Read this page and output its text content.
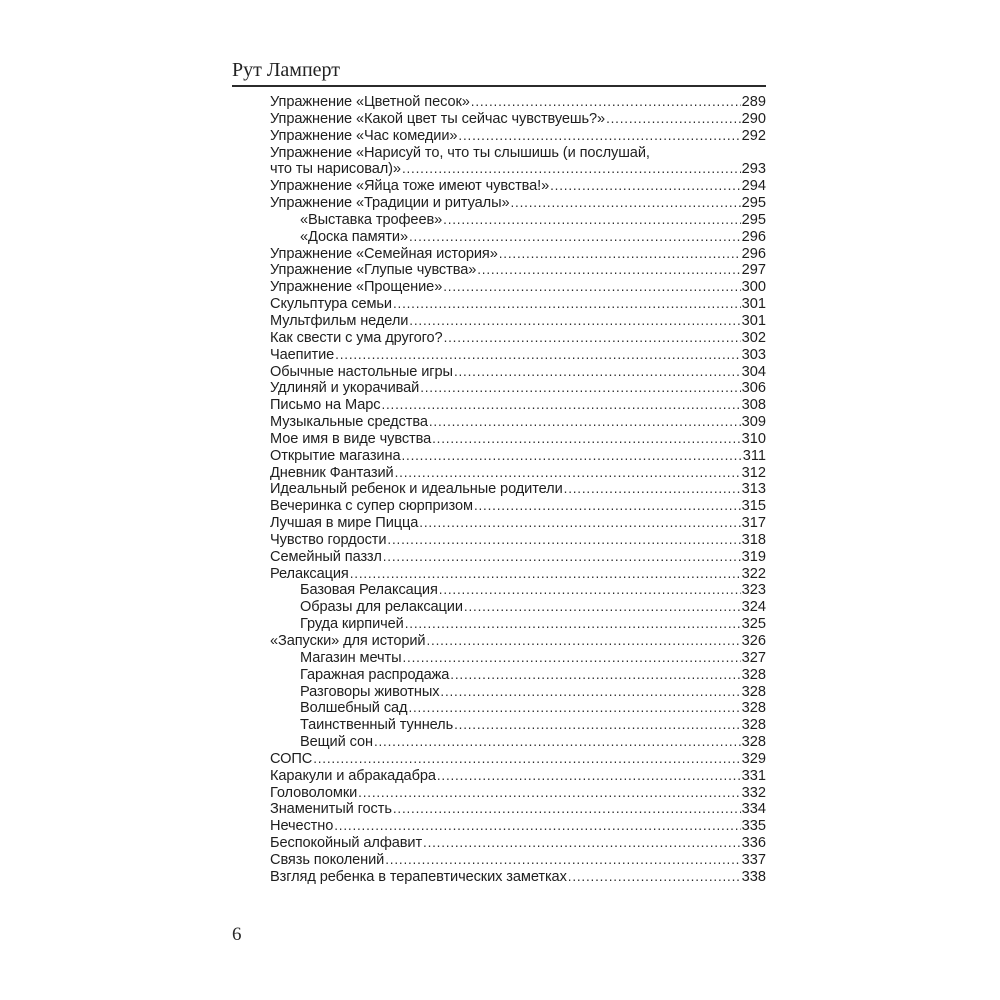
Рут Ламперт
Упражнение «Цветной песок» .....	289
Упражнение «Какой цвет ты сейчас чувствуешь?» .....	290
Упражнение «Час комедии» .....	292
Упражнение «Нарисуй то, что ты слышишь (и послушай,
что ты нарисовал)» .....	293
Упражнение «Яйца тоже имеют чувства!» .....	294
Упражнение «Традиции и ритуалы» .....	295
«Выставка трофеев» .....	295
«Доска памяти» .....	296
Упражнение «Семейная история» .....	296
Упражнение «Глупые чувства» .....	297
Упражнение «Прощение» .....	300
Скульптура семьи .....	301
Мультфильм недели .....	301
Как свести с ума другого? .....	302
Чаепитие .....	303
Обычные настольные игры .....	304
Удлиняй и укорачивай .....	306
Письмо на Марс .....	308
Музыкальные средства .....	309
Мое имя в виде чувства .....	310
Открытие магазина .....	311
Дневник Фантазий .....	312
Идеальный ребенок и идеальные родители .....	313
Вечеринка с супер сюрпризом .....	315
Лучшая в мире Пицца .....	317
Чувство гордости .....	318
Семейный паззл .....	319
Релаксация .....	322
Базовая Релаксация .....	323
Образы для релаксации .....	324
Груда кирпичей .....	325
«Запуски» для историй .....	326
Магазин мечты .....	327
Гаражная распродажа .....	328
Разговоры животных .....	328
Волшебный сад .....	328
Таинственный туннель .....	328
Вещий сон .....	328
СОПС .....	329
Каракули и абракадабра .....	331
Головоломки .....	332
Знаменитый гость .....	334
Нечестно .....	335
Беспокойный алфавит .....	336
Связь поколений .....	337
Взгляд ребенка в терапевтических заметках .....	338
6
